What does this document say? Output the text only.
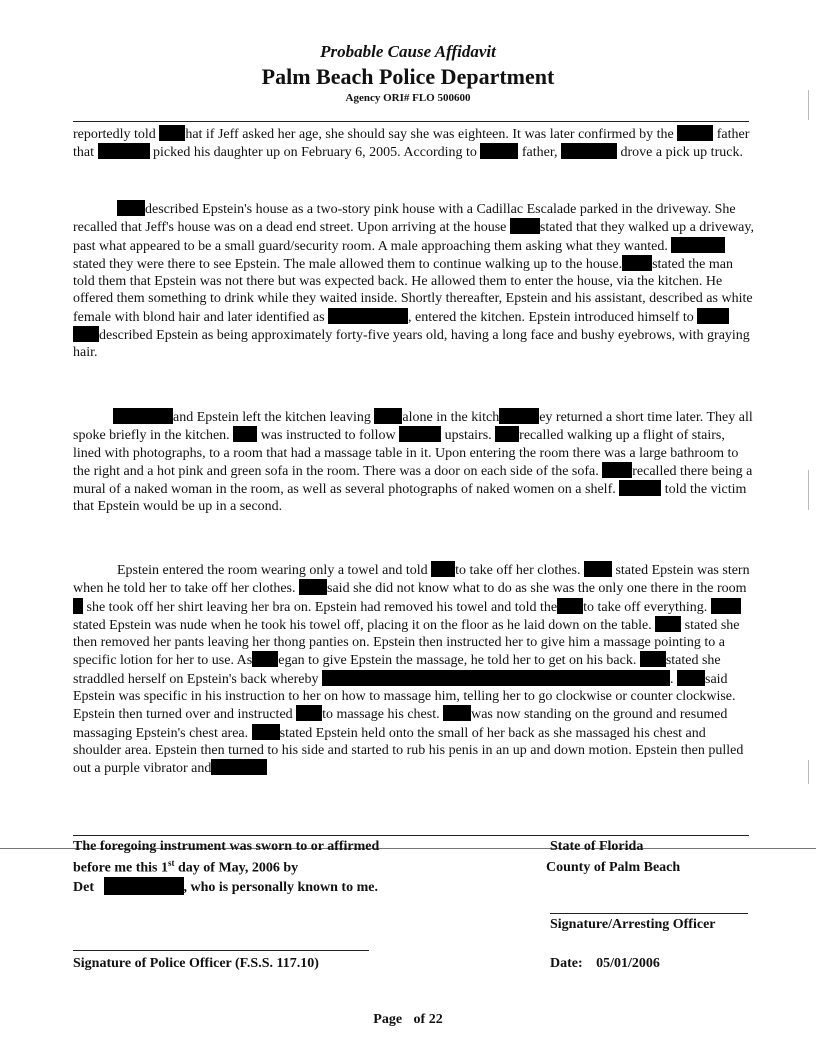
Probable Cause Affidavit
Palm Beach Police Department
Agency ORI# FLO 500600

reportedly told hat if Jeff asked her age, she should say she was eighteen. It was later confirmed by the	father that	picked his daughter up on February 6, 2005. According to	father,	drove a pick up truck.

described Epstein's house as a two-story pink house with a Cadillac Escalade parked in the driveway. She recalled that Jeff's house was on a dead end street. Upon arriving at the house stated that they walked up a driveway, past what appeared to be a small guard/security room. A male approaching them asking what they wanted.  stated they were there to see Epstein. The male allowed them to continue walking up to the house. stated the man told them that Epstein was not there but was expected back. He allowed them to enter the house, via the kitchen. He offered them something to drink while they waited inside. Shortly thereafter, Epstein and his assistant, described as white female with blond hair and later identified as	, entered the kitchen. Epstein introduced himself to  described Epstein as being approximately forty-five years old, having a long face and bushy eyebrows, with graying hair.

and Epstein left the kitchen leaving alone in the kitch	ey returned a short time later. They all spoke briefly in the kitchen. was instructed to follow	upstairs. recalled walking up a flight of stairs, lined with photographs, to a room that had a massage table in it. Upon entering the room there was a large bathroom to the right and a hot pink and green sofa in the room. There was a door on each side of the sofa. recalled there being a mural of a naked woman in the room, as well as several photographs of naked women on a shelf.	told the victim that Epstein would be up in a second.

Epstein entered the room wearing only a towel and told to take off her clothes.	stated Epstein was stern when he told her to take off her clothes. said she did not know what to do as she was the only one there in the room  she took off her shirt leaving her bra on. Epstein had removed his towel and told the to take off everything. stated Epstein was nude when he took his towel off, placing it on the floor as he laid down on the table. stated she then removed her pants leaving her thong panties on. Epstein then instructed her to give him a massage pointing to a specific lotion for her to use. As egan to give Epstein the massage, he told her to get on his back. stated she straddled herself on Epstein's back whereby	. said Epstein was specific in his instruction to her on how to massage him, telling her to go clockwise or counter clockwise. Epstein then turned over and instructed to massage his chest. was now standing on the ground and resumed massaging Epstein's chest area. stated Epstein held onto the small of her back as she massaged his chest and shoulder area. Epstein then turned to his side and started to rub his penis in an up and down motion. Epstein then pulled out a purple vibrator and

The foregoing instrument was sworn to or affirmed
before me this 1st day of May, 2006 by
Det	, who is personally known to me.
State of Florida
County of Palm Beach
Signature/Arresting Officer
Signature of Police Officer (F.S.S. 117.10)	Date: 05/01/2006
Page of 22
